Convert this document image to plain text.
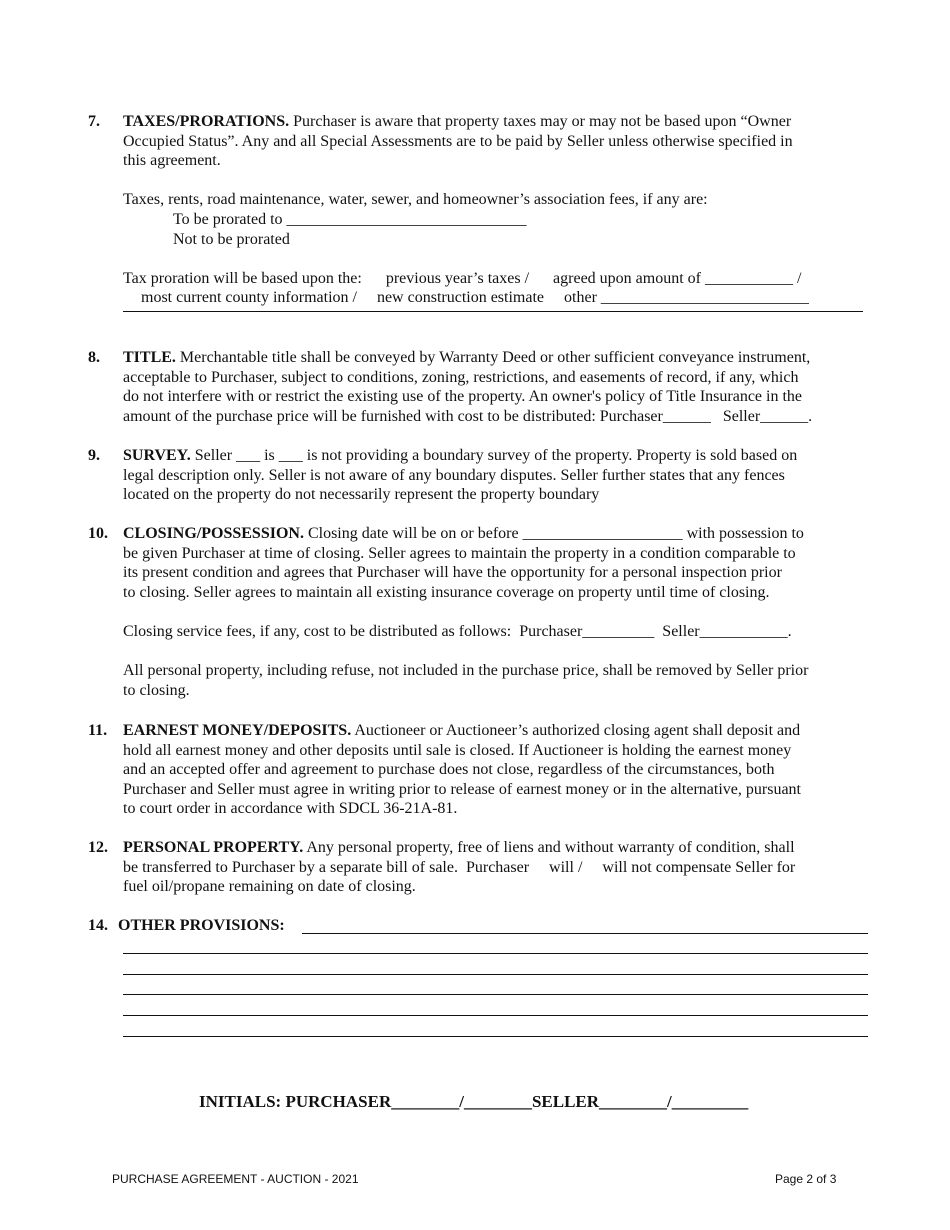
7. TAXES/PRORATIONS. Purchaser is aware that property taxes may or may not be based upon “Owner
Occupied Status”. Any and all Special Assessments are to be paid by Seller unless otherwise specified in
this agreement.
Taxes, rents, road maintenance, water, sewer, and homeowner’s association fees, if any are:
To be prorated to ______________________________
Not to be prorated
Tax proration will be based upon the:      previous year’s taxes /      agreed upon amount of ___________ /
most current county information /     new construction estimate     other __________________________
8. TITLE. Merchantable title shall be conveyed by Warranty Deed or other sufficient conveyance instrument,
acceptable to Purchaser, subject to conditions, zoning, restrictions, and easements of record, if any, which
do not interfere with or restrict the existing use of the property. An owner's policy of Title Insurance in the
amount of the purchase price will be furnished with cost to be distributed: Purchaser______   Seller______.
9. SURVEY. Seller ___ is ___ is not providing a boundary survey of the property. Property is sold based on
legal description only. Seller is not aware of any boundary disputes. Seller further states that any fences
located on the property do not necessarily represent the property boundary
10. CLOSING/POSSESSION. Closing date will be on or before ____________________ with possession to
be given Purchaser at time of closing. Seller agrees to maintain the property in a condition comparable to
its present condition and agrees that Purchaser will have the opportunity for a personal inspection prior
to closing. Seller agrees to maintain all existing insurance coverage on property until time of closing.
Closing service fees, if any, cost to be distributed as follows:  Purchaser_________  Seller___________.
All personal property, including refuse, not included in the purchase price, shall be removed by Seller prior
to closing.
11. EARNEST MONEY/DEPOSITS. Auctioneer or Auctioneer’s authorized closing agent shall deposit and
hold all earnest money and other deposits until sale is closed. If Auctioneer is holding the earnest money
and an accepted offer and agreement to purchase does not close, regardless of the circumstances, both
Purchaser and Seller must agree in writing prior to release of earnest money or in the alternative, pursuant
to court order in accordance with SDCL 36-21A-81.
12. PERSONAL PROPERTY. Any personal property, free of liens and without warranty of condition, shall
be transferred to Purchaser by a separate bill of sale.  Purchaser     will /     will not compensate Seller for
fuel oil/propane remaining on date of closing.
14. OTHER PROVISIONS:
INITIALS: PURCHASER________/________SELLER________/_________
PURCHASE AGREEMENT - AUCTION - 2021	Page 2 of 3
